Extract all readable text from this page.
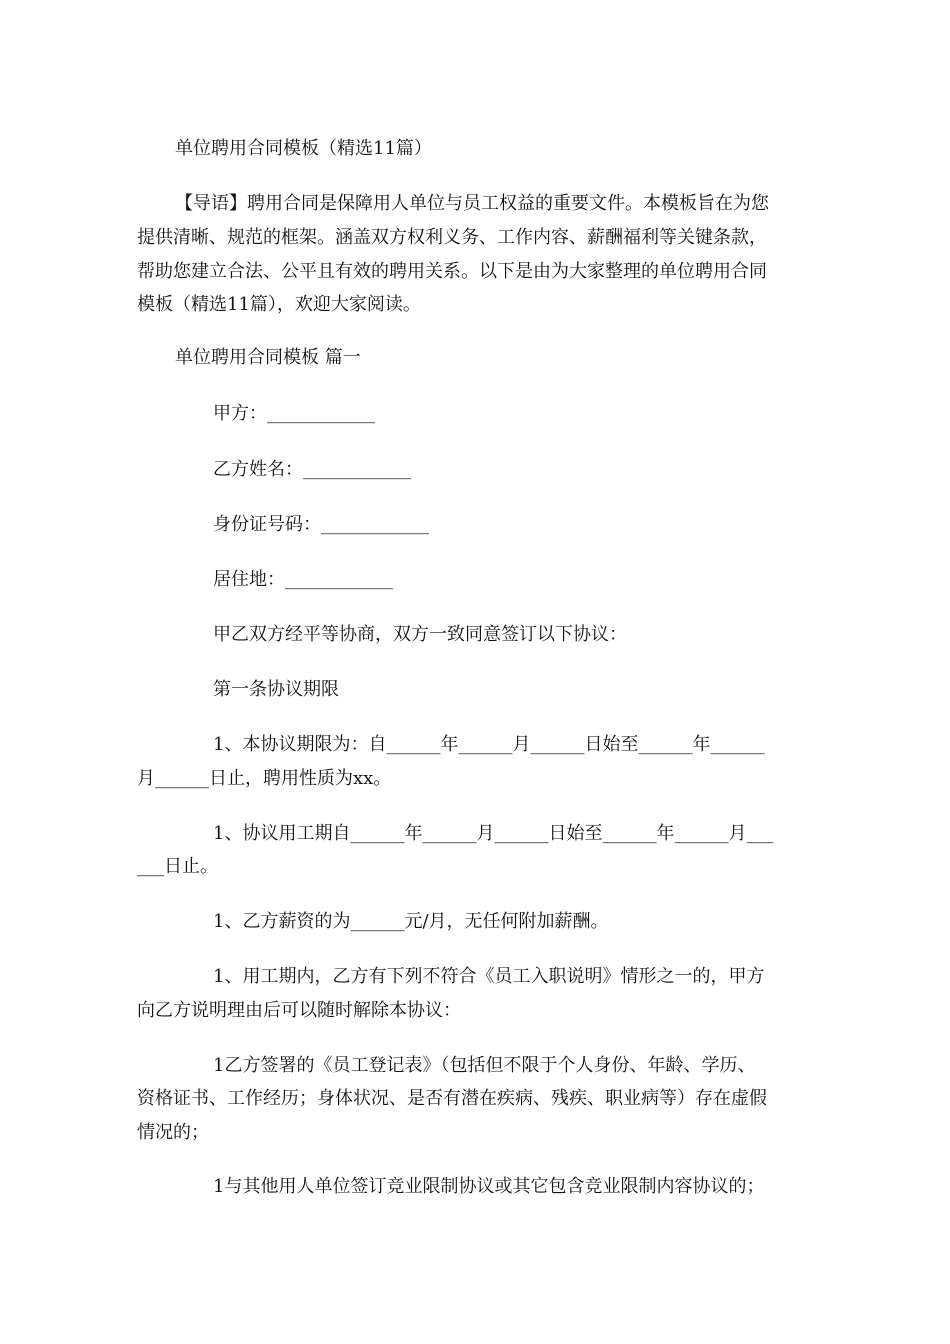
单位聘用合同模板（精选11篇）

【导语】聘用合同是保障用人单位与员工权益的重要文件。本模板旨在为您

提供清晰、规范的框架。涵盖双方权利义务、工作内容、薪酬福利等关键条款，

帮助您建立合法、公平且有效的聘用关系。以下是由为大家整理的单位聘用合同

模板（精选11篇），欢迎大家阅读。

单位聘用合同模板 篇一

甲方：____________

乙方姓名：____________

身份证号码：____________

居住地：____________

甲乙双方经平等协商，双方一致同意签订以下协议：

第一条协议期限

1、本协议期限为：自______年______月______日始至______年______

月______日止，聘用性质为xx。

1、协议用工期自______年______月______日始至______年______月___

___日止。

1、乙方薪资的为______元/月，无任何附加薪酬。

1、用工期内，乙方有下列不符合《员工入职说明》情形之一的，甲方

向乙方说明理由后可以随时解除本协议：

1乙方签署的《员工登记表》（包括但不限于个人身份、年龄、学历、

资格证书、工作经历；身体状况、是否有潜在疾病、残疾、职业病等）存在虚假

情况的；

1与其他用人单位签订竞业限制协议或其它包含竞业限制内容协议的；
